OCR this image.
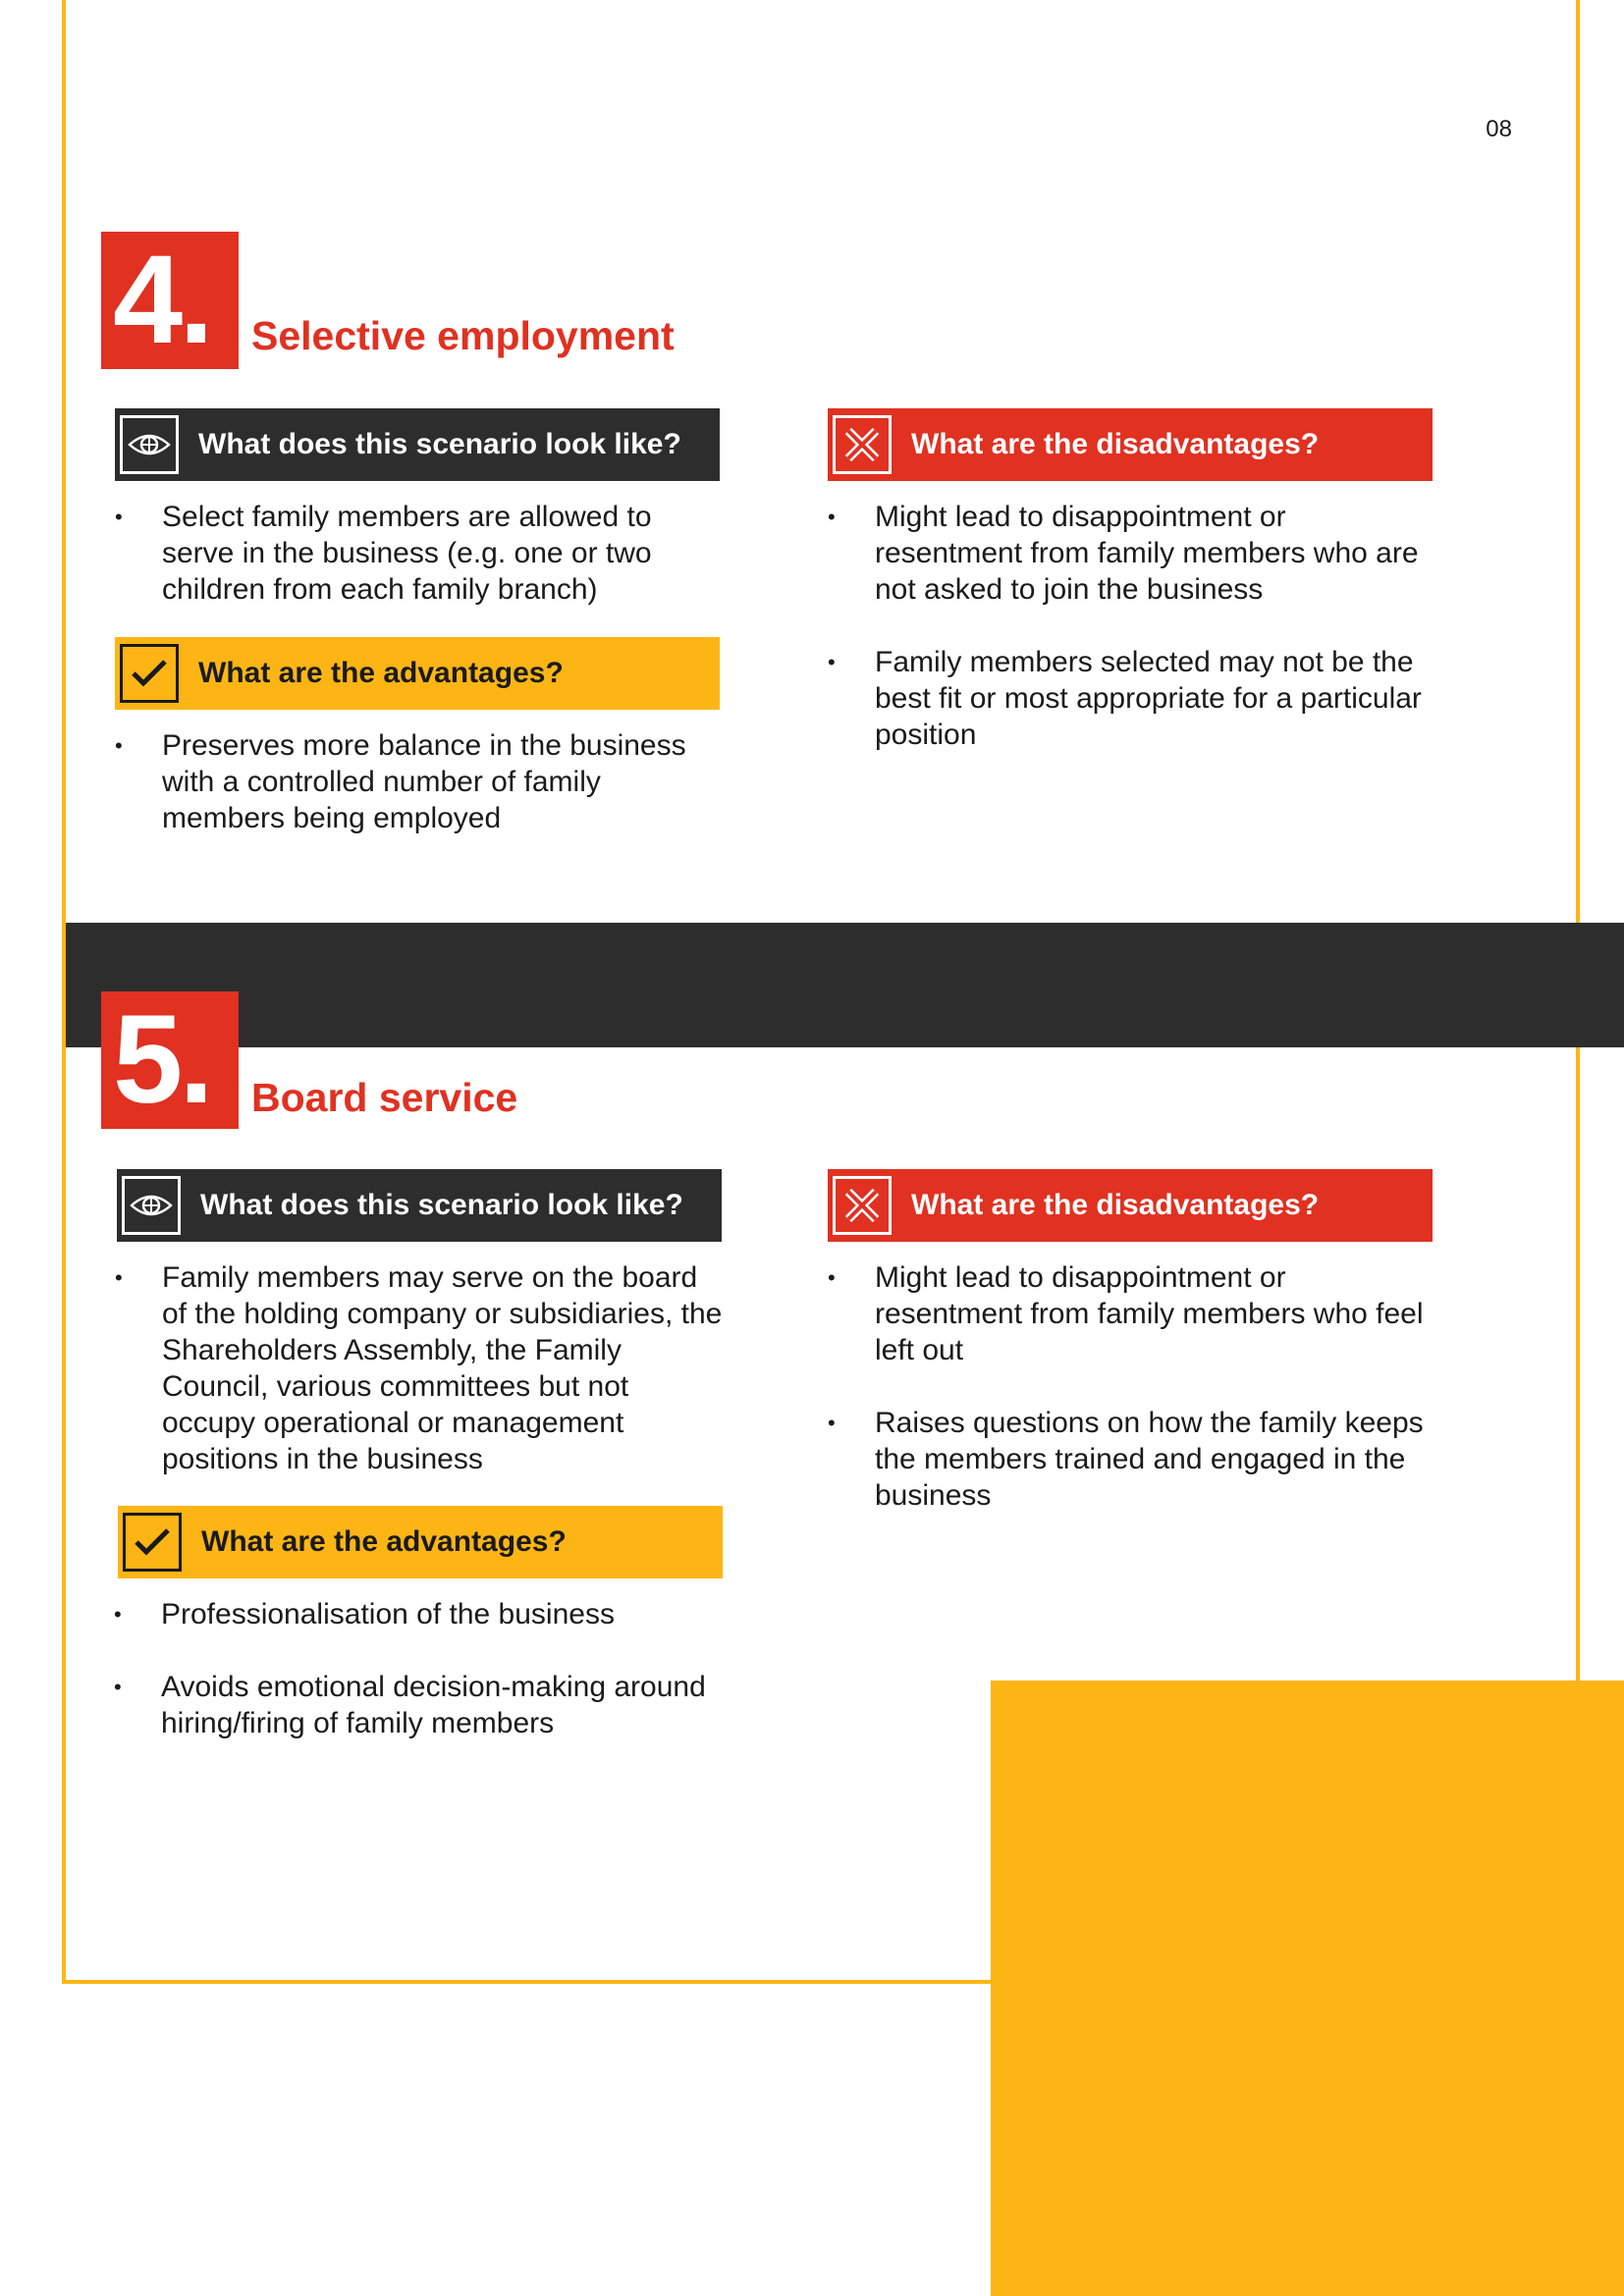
08
4.	Selective employment
What does this scenario look like?
• Select family members are allowed to serve in the business (e.g. one or two children from each family branch)
What are the advantages?
• Preserves more balance in the business with a controlled number of family members being employed
What are the disadvantages?
• Might lead to disappointment or resentment from family members who are not asked to join the business
• Family members selected may not be the best fit or most appropriate for a particular position
5.	Board service
What does this scenario look like?
• Family members may serve on the board of the holding company or subsidiaries, the Shareholders Assembly, the Family Council, various committees but not occupy operational or management positions in the business
What are the advantages?
• Professionalisation of the business
• Avoids emotional decision-making around hiring/firing of family members
What are the disadvantages?
• Might lead to disappointment or resentment from family members who feel left out
• Raises questions on how the family keeps the members trained and engaged in the business
